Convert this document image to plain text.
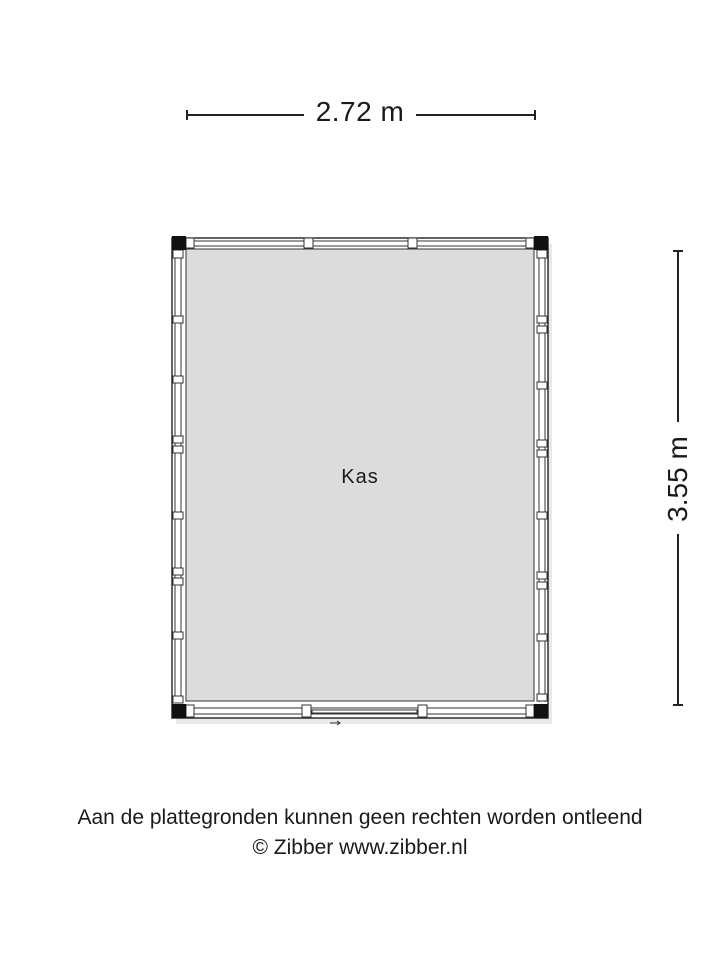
2.72 m
3.55 m
Kas
Aan de plattegronden kunnen geen rechten worden ontleend
© Zibber www.zibber.nl
